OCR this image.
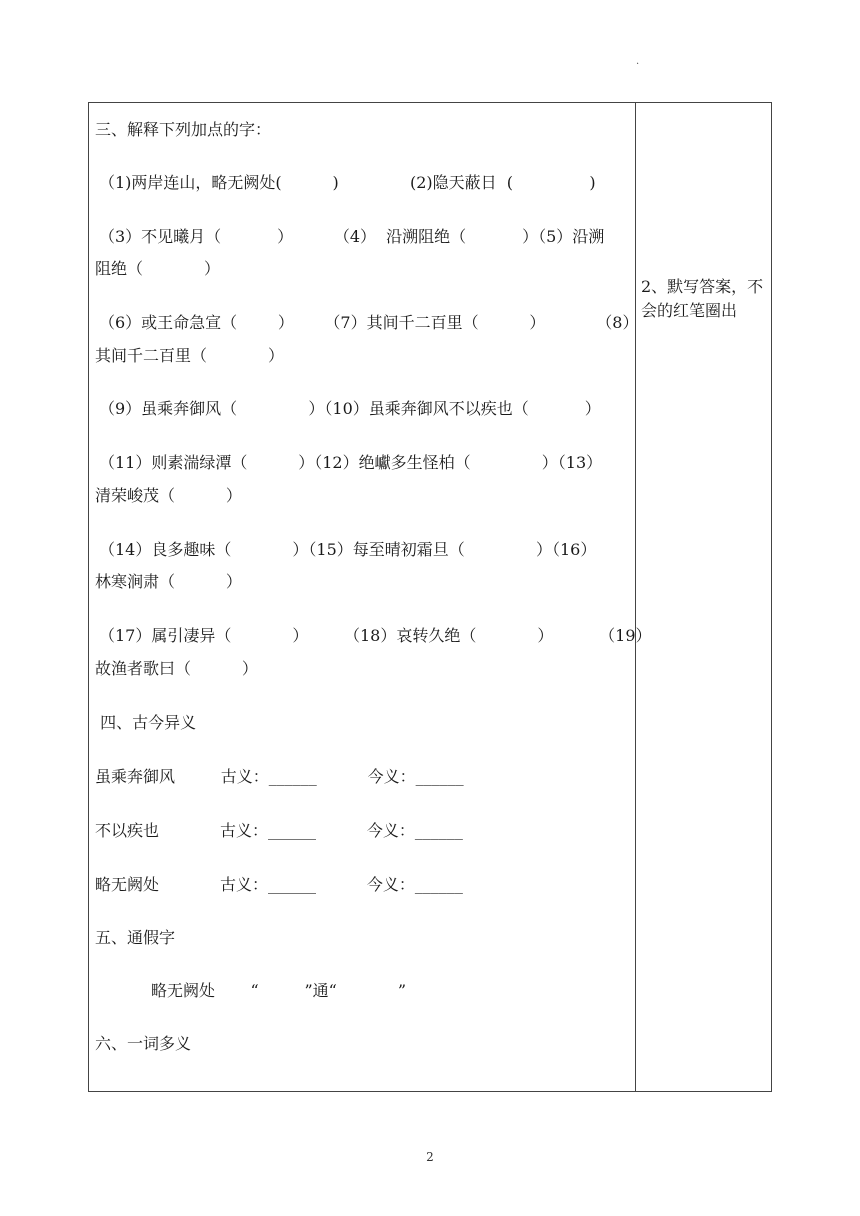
.
三、解释下列加点的字：
（1)两岸连山，略无阙处(          )              (2)隐天蔽日  (               )
（3）不见曦月（           ）        （4）  沿溯阻绝（           ）（5）沿溯
阻绝（            ）
（6）或王命急宣（        ）      （7）其间千二百里（          ）          （8）
其间千二百里（            ）
（9）虽乘奔御风（              ）（10）虽乘奔御风不以疾也（           ）
（11）则素湍绿潭（          ）（12）绝巘多生怪柏（              ）（13）
清荣峻茂（          ）
（14）良多趣味（            ）（15）每至晴初霜旦（              ）（16）
林寒涧肃（          ）
（17）属引凄异（            ）       （18）哀转久绝（            ）         （19）
故渔者歌曰（          ）
四、古今异义
虽乘奔御风         古义：______          今义：______
不以疾也            古义：______          今义：______
略无阙处            古义：______          今义：______
五、通假字
略无阙处       “         ”通“            ”
六、一词多义
2、默写答案，不会的红笔圈出
2
